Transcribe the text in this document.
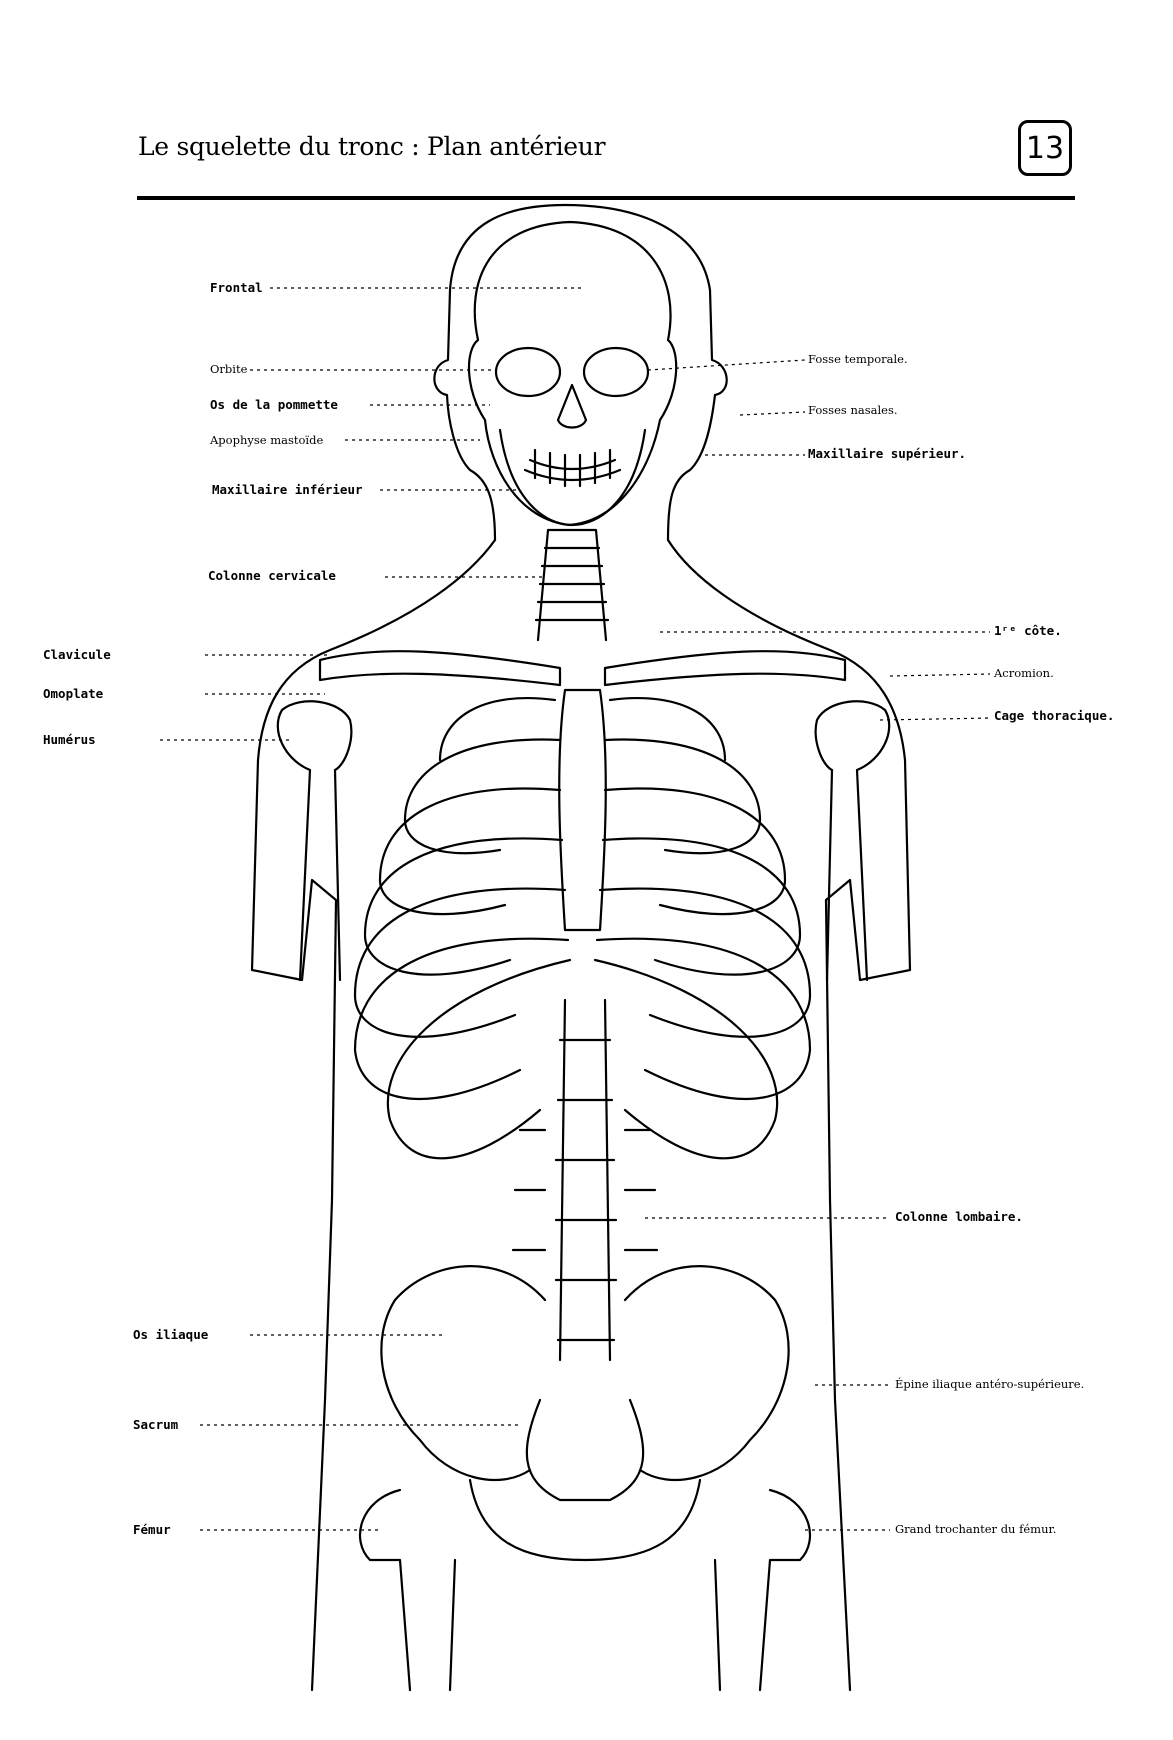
Le squelette du tronc : Plan antérieur	13
Frontal
Orbite
Os de la pommette
Apophyse mastoïde
Maxillaire inférieur
Colonne cervicale
Clavicule
Omoplate
Humérus
Os iliaque
Sacrum
Fémur
Fosse temporale.
Fosses nasales.
Maxillaire supérieur.
1ʳᵉ côte.
Acromion.
Cage thoracique.
Colonne lombaire.
Épine iliaque antéro-supérieure.
Grand trochanter du fémur.
